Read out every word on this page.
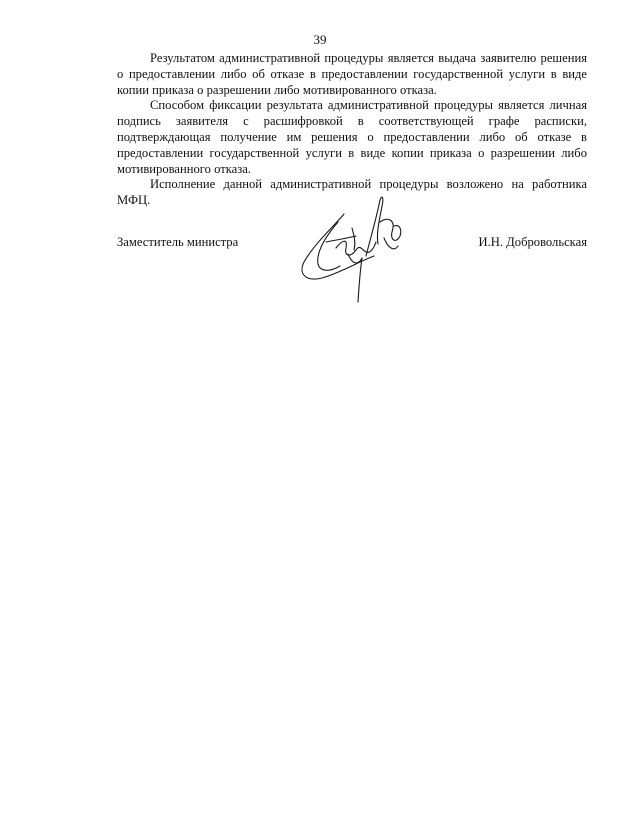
39

Результатом административной процедуры является выдача заявителю решения о предоставлении либо об отказе в предоставлении государственной услуги в виде копии приказа о разрешении либо мотивированного отказа.

Способом фиксации результата административной процедуры является личная подпись заявителя с расшифровкой в соответствующей графе расписки, подтверждающая получение им решения о предоставлении либо об отказе в предоставлении государственной услуги в виде копии приказа о разрешении либо мотивированного отказа.

Исполнение данной административной процедуры возложено на работника МФЦ.

Заместитель министра	И.Н. Добровольская
